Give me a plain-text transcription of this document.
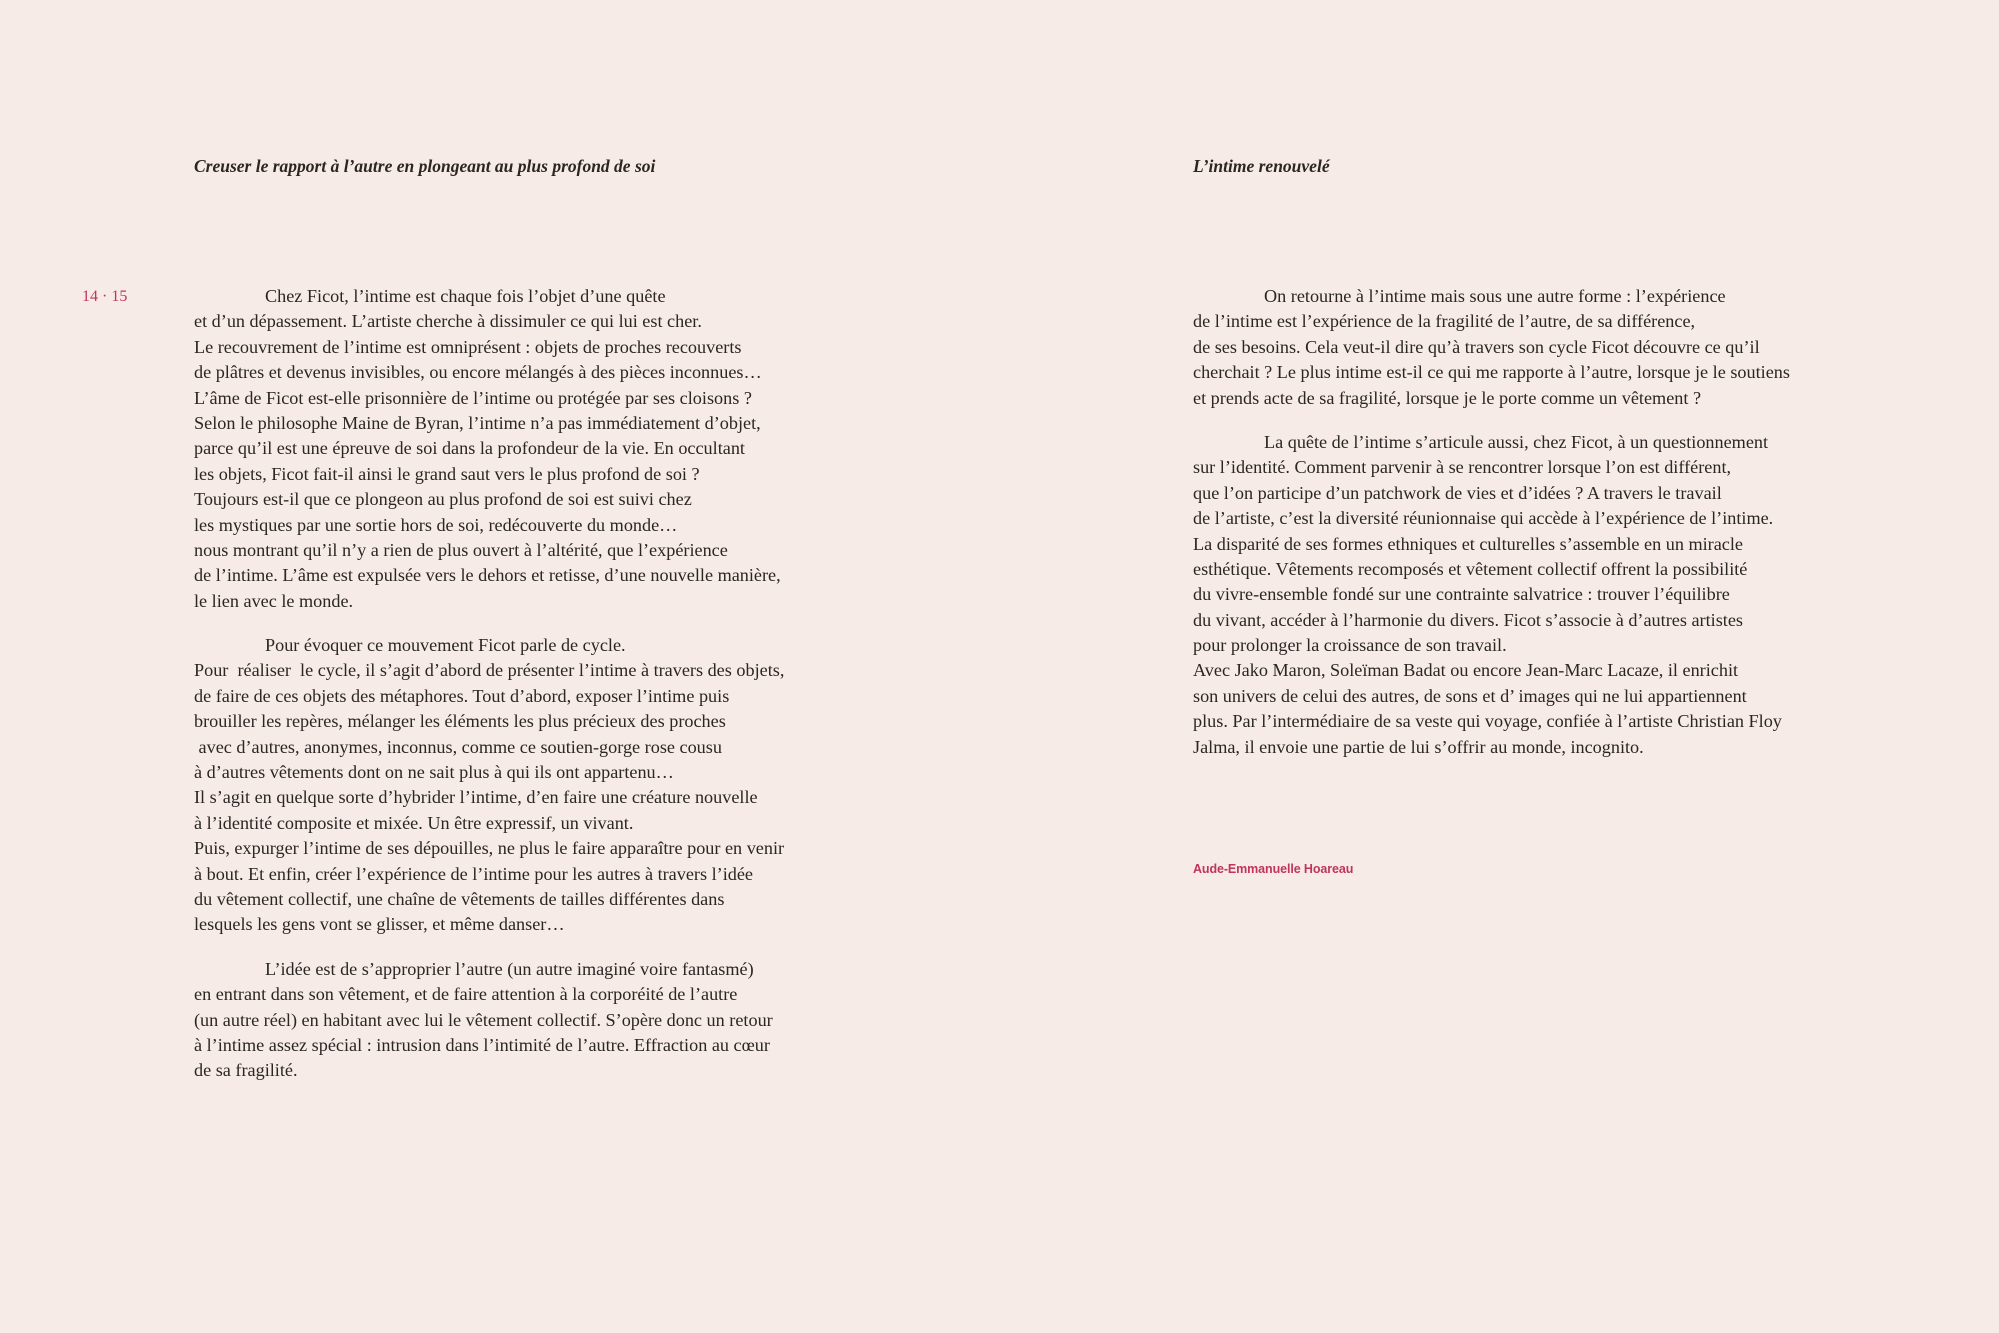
Creuser le rapport à l’autre en plongeant au plus profond de soi	L’intime renouvelé
14 · 15	Chez Ficot, l’intime est chaque fois l’objet d’une quête
et d’un dépassement. L’artiste cherche à dissimuler ce qui lui est cher.
Le recouvrement de l’intime est omniprésent : objets de proches recouverts
de plâtres et devenus invisibles, ou encore mélangés à des pièces inconnues…
L’âme de Ficot est-elle prisonnière de l’intime ou protégée par ses cloisons ?
Selon le philosophe Maine de Byran, l’intime n’a pas immédiatement d’objet,
parce qu’il est une épreuve de soi dans la profondeur de la vie. En occultant
les objets, Ficot fait-il ainsi le grand saut vers le plus profond de soi ?
Toujours est-il que ce plongeon au plus profond de soi est suivi chez
les mystiques par une sortie hors de soi, redécouverte du monde…
nous montrant qu’il n’y a rien de plus ouvert à l’altérité, que l’expérience
de l’intime. L’âme est expulsée vers le dehors et retisse, d’une nouvelle manière,
le lien avec le monde.
Pour évoquer ce mouvement Ficot parle de cycle.
Pour  réaliser  le cycle, il s’agit d’abord de présenter l’intime à travers des objets,
de faire de ces objets des métaphores. Tout d’abord, exposer l’intime puis
brouiller les repères, mélanger les éléments les plus précieux des proches
avec d’autres, anonymes, inconnus, comme ce soutien-gorge rose cousu
à d’autres vêtements dont on ne sait plus à qui ils ont appartenu…
Il s’agit en quelque sorte d’hybrider l’intime, d’en faire une créature nouvelle
à l’identité composite et mixée. Un être expressif, un vivant.
Puis, expurger l’intime de ses dépouilles, ne plus le faire apparaître pour en venir
à bout. Et enfin, créer l’expérience de l’intime pour les autres à travers l’idée
du vêtement collectif, une chaîne de vêtements de tailles différentes dans
lesquels les gens vont se glisser, et même danser…
L’idée est de s’approprier l’autre (un autre imaginé voire fantasmé)
en entrant dans son vêtement, et de faire attention à la corporéité de l’autre
(un autre réel) en habitant avec lui le vêtement collectif. S’opère donc un retour
à l’intime assez spécial : intrusion dans l’intimité de l’autre. Effraction au cœur
de sa fragilité.
On retourne à l’intime mais sous une autre forme : l’expérience
de l’intime est l’expérience de la fragilité de l’autre, de sa différence,
de ses besoins. Cela veut-il dire qu’à travers son cycle Ficot découvre ce qu’il
cherchait ? Le plus intime est-il ce qui me rapporte à l’autre, lorsque je le soutiens
et prends acte de sa fragilité, lorsque je le porte comme un vêtement ?
La quête de l’intime s’articule aussi, chez Ficot, à un questionnement
sur l’identité. Comment parvenir à se rencontrer lorsque l’on est différent,
que l’on participe d’un patchwork de vies et d’idées ? A travers le travail
de l’artiste, c’est la diversité réunionnaise qui accède à l’expérience de l’intime.
La disparité de ses formes ethniques et culturelles s’assemble en un miracle
esthétique. Vêtements recomposés et vêtement collectif offrent la possibilité
du vivre-ensemble fondé sur une contrainte salvatrice : trouver l’équilibre
du vivant, accéder à l’harmonie du divers. Ficot s’associe à d’autres artistes
pour prolonger la croissance de son travail.
Avec Jako Maron, Soleïman Badat ou encore Jean-Marc Lacaze, il enrichit
son univers de celui des autres, de sons et d’ images qui ne lui appartiennent
plus. Par l’intermédiaire de sa veste qui voyage, confiée à l’artiste Christian Floy
Jalma, il envoie une partie de lui s’offrir au monde, incognito.
Aude-Emmanuelle Hoareau
